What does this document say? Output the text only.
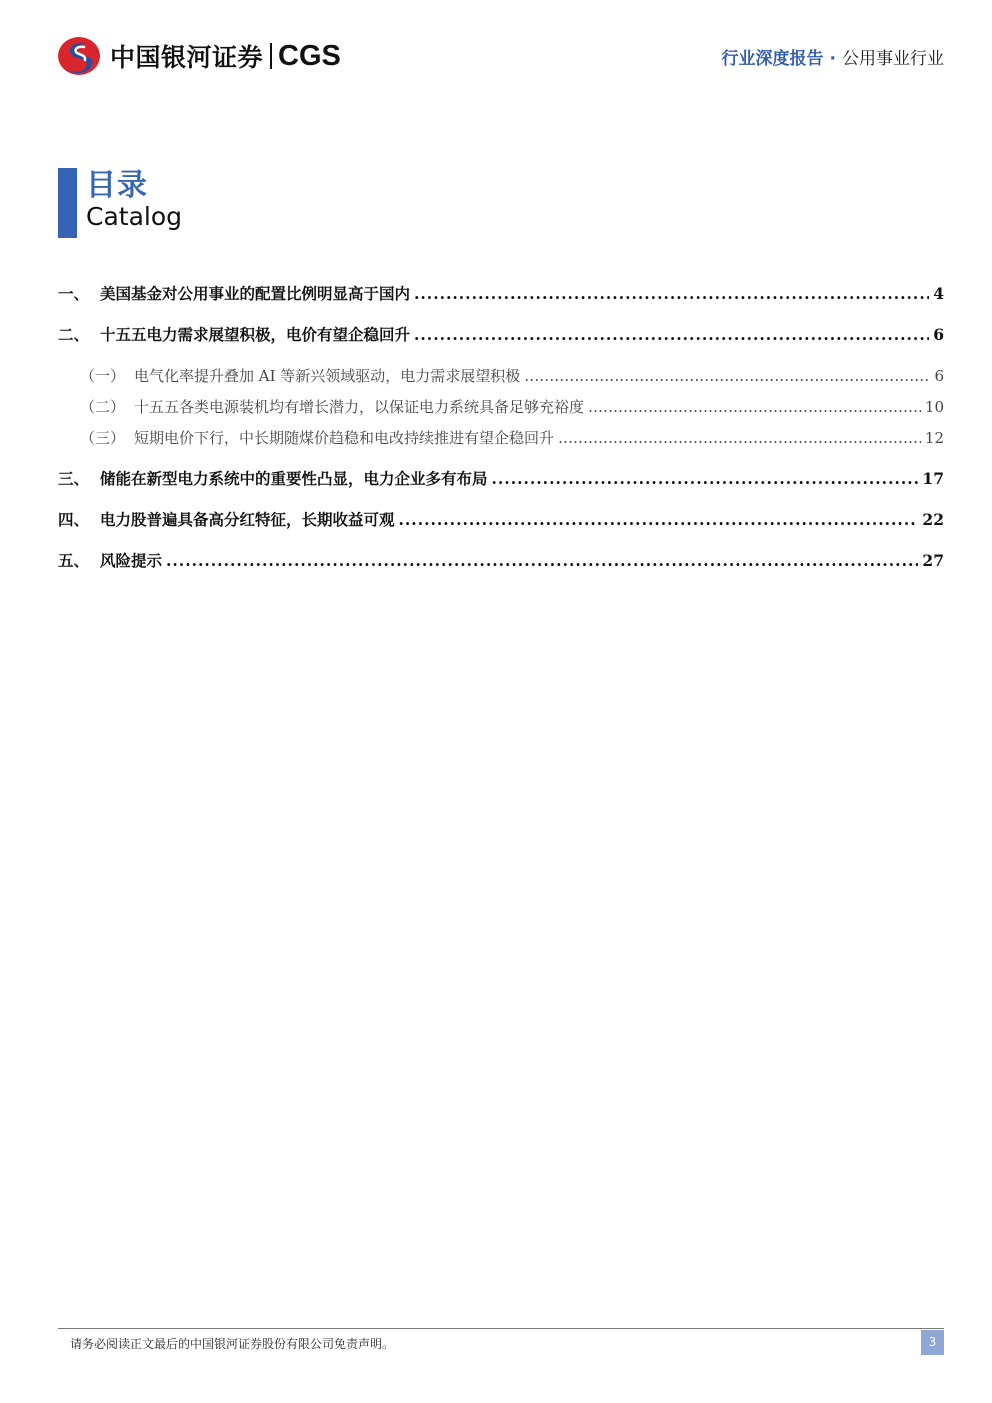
中国银河证券 CGS	行业深度报告 · 公用事业行业
目录
Catalog
一、 美国基金对公用事业的配置比例明显高于国内 .....	4
二、 十五五电力需求展望积极，电价有望企稳回升 .....	6
（一） 电气化率提升叠加 AI 等新兴领域驱动，电力需求展望积极 …………………………………………………………………………………………………………………………………………………………………………	6
（二） 十五五各类电源装机均有增长潜力，以保证电力系统具备足够充裕度 …………………………………………………………………………………………………………………………………………………………………………	10
（三） 短期电价下行，中长期随煤价趋稳和电改持续推进有望企稳回升 …………………………………………………………………………………………………………………………………………………………………………	12
三、 储能在新型电力系统中的重要性凸显，电力企业多有布局 .....	17
四、 电力股普遍具备高分红特征，长期收益可观 .....	22
五、 风险提示 .....	27
请务必阅读正文最后的中国银河证券股份有限公司免责声明。	3
